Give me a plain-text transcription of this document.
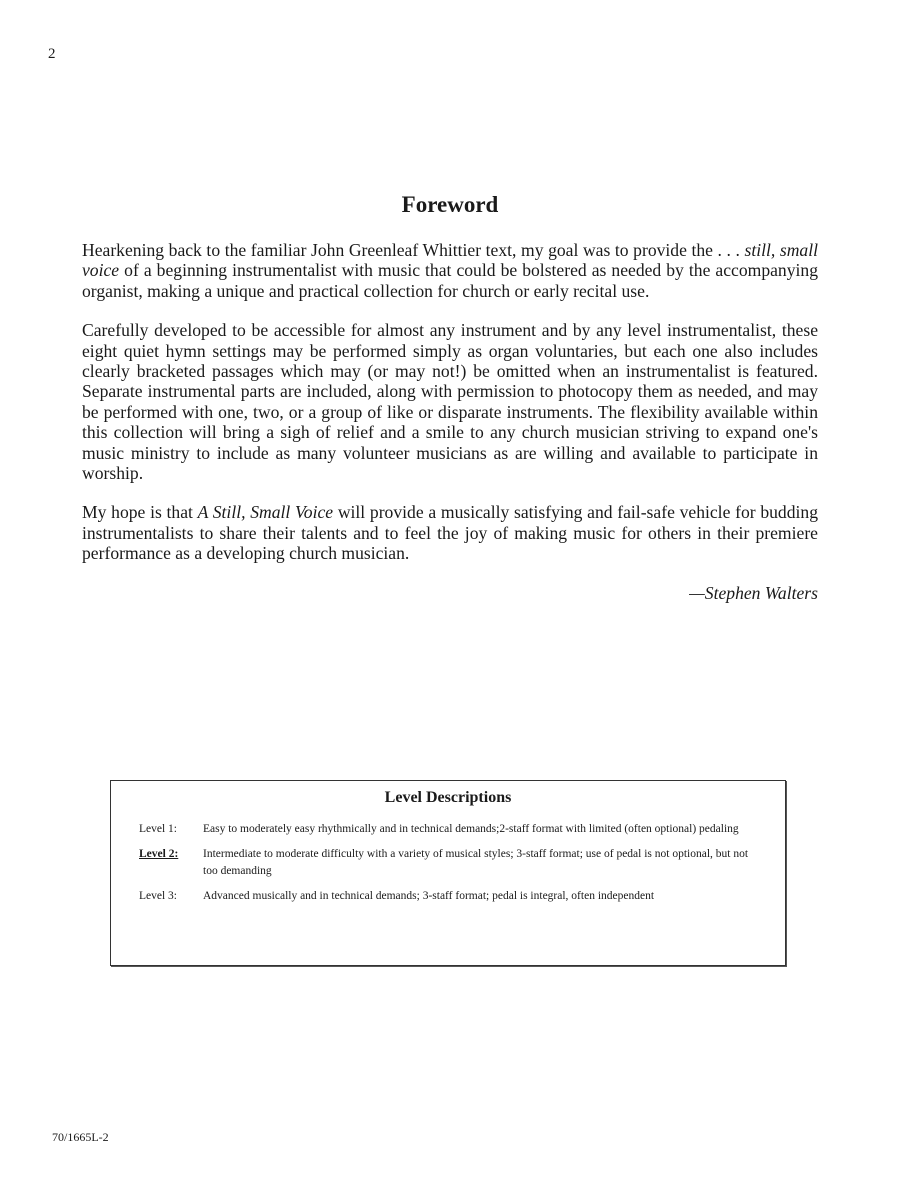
2
Foreword

Hearkening back to the familiar John Greenleaf Whittier text, my goal was to provide the . . . still, small voice of a beginning instrumentalist with music that could be bolstered as needed by the accompanying organist, making a unique and practical collection for church or early recital use.

Carefully developed to be accessible for almost any instrument and by any level instrumentalist, these eight quiet hymn settings may be performed simply as organ voluntaries, but each one also includes clearly bracketed passages which may (or may not!) be omitted when an instrumentalist is featured. Separate instrumental parts are included, along with permission to photocopy them as needed, and may be performed with one, two, or a group of like or disparate instruments. The flexibility available within this collection will bring a sigh of relief and a smile to any church musician striving to expand one's music ministry to include as many volunteer musicians as are willing and available to participate in worship.

My hope is that A Still, Small Voice will provide a musically satisfying and fail-safe vehicle for budding instrumentalists to share their talents and to feel the joy of making music for others in their premiere performance as a developing church musician.

—Stephen Walters

Level Descriptions
Level 1:	Easy to moderately easy rhythmically and in technical demands;2-staff format with limited (often optional) pedaling
Level 2:	Intermediate to moderate difficulty with a variety of musical styles; 3-staff format; use of pedal is not optional, but not too demanding
Level 3:	Advanced musically and in technical demands; 3-staff format; pedal is integral, often independent
70/1665L-2
